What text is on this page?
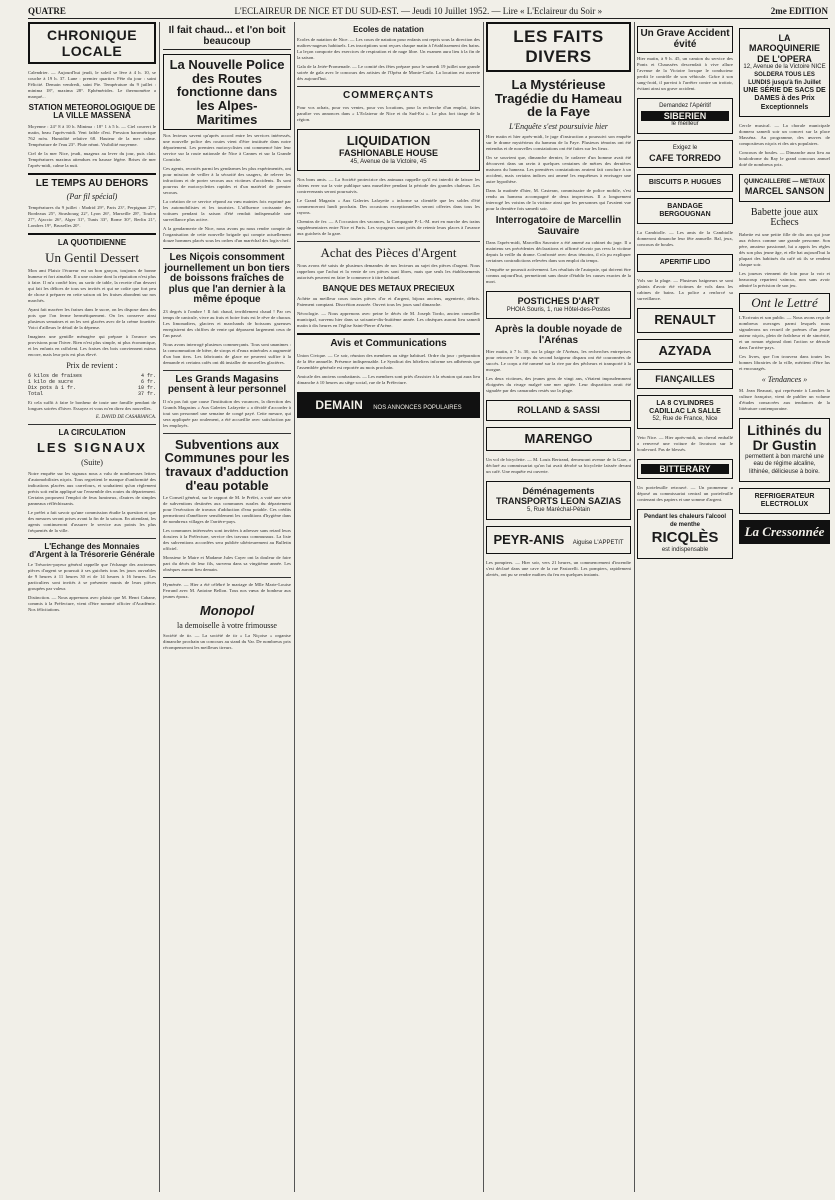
QUATRE	L'ECLAIREUR DE NICE ET DU SUD-EST. — Jeudi 10 Juillet 1952. — Lire « L'Eclaireur du Soir »	2me EDITION
CHRONIQUE LOCALE

Calendrier. — Aujourd'hui jeudi, le soleil se lève à 4 h. 10, se couche à 19 h. 37. Lune : premier quartier. Fête du jour : saint Félicité. Demain vendredi, saint Pie. Température du 9 juillet : minima 18°, maxima 28°. Ephémérides. Le thermomètre a marqué...

STATION METEOROLOGIQUE DE LA VILLE MASSENA

Moyenne : 24° 8 à 10 h. Minima : 18° 1 à 5 h. — Ciel couvert le matin, beau l'après-midi. Vent faible d'est. Pression barométrique 762 m/m. Humidité relative 68. Hauteur de la mer calme. Température de l'eau 23°. Pluie néant. Visibilité moyenne.

Ciel de la mer Nice, jeudi, nuageux au lever du jour, puis clair. Températures maxima attendues en hausse légère. Brises de mer l'après-midi, calme la nuit.

LE TEMPS AU DEHORS
(Par fil spécial)

Températures du 9 juillet : Madrid 29°, Paris 23°, Perpignan 27°, Bordeaux 25°, Strasbourg 22°, Lyon 26°, Marseille 28°, Toulon 27°, Ajaccio 26°, Alger 31°, Tunis 33°, Rome 30°, Berlin 21°, Londres 19°, Bruxelles 20°.

LA QUOTIDIENNE
Un Gentil Dessert

Mon ami Plaisir l'écureur est un bon garçon, toujours de bonne humeur et fort aimable. Il a une cuisine dont la réputation n'est plus à faire. Il m'a confié hier, au sortir de table, la recette d'un dessert qui fait les délices de tous ses invités et qui ne coûte que fort peu de chose à préparer en cette saison où les fraises abondent sur nos marchés.

Ayant fait macérer les fraises dans le sucre, on les dispose dans des pots que l'on ferme hermétiquement. On les conserve ainsi plusieurs semaines et on les sert glacées avec de la crème fouettée. Voici d'ailleurs le détail de la dépense.

Imaginez une gentille ménagère qui prépare à l'avance ses provisions pour l'hiver. Rien n'est plus simple, ni plus économique, et les enfants en raffolent. Les fraises des bois conviennent mieux encore, mais leur prix est plus élevé.

Prix de revient :
6 kilos de fraises	4 fr.
1 kilo de sucre	6 fr.
Dix pots à 1 fr.	10 fr.
Total	37 fr.

Et cela suffit à faire le bonheur de toute une famille pendant de longues soirées d'hiver. Essayez et vous m'en direz des nouvelles.

E. DAVID DE CASABIANCA.
LA CIRCULATION
LES SIGNAUX
(Suite)

Notre enquête sur les signaux nous a valu de nombreuses lettres d'automobilistes niçois. Tous regrettent le manque d'uniformité des indications placées aux carrefours, et souhaitent qu'un règlement précis soit enfin appliqué sur l'ensemble des routes du département. Certains proposent l'emploi de feux lumineux, d'autres de simples panneaux réfléchissants.

Le préfet a fait savoir qu'une commission étudie la question et que des mesures seront prises avant la fin de la saison. En attendant, les agents continueront d'assurer le service aux points les plus fréquentés de la ville.

L'Echange des Monnaies d'Argent à la Trésorerie Générale

Le Trésorier-payeur général rappelle que l'échange des anciennes pièces d'argent se poursuit à ses guichets tous les jours ouvrables de 9 heures à 11 heures 30 et de 14 heures à 16 heures. Les particuliers sont invités à se présenter munis de leurs pièces groupées par valeur.

Distinction. — Nous apprenons avec plaisir que M. Henri Cabane, commis à la Préfecture, vient d'être nommé officier d'Académie. Nos félicitations.

Il fait chaud... et l'on boit beaucoup
La Nouvelle Police des Routes fonctionne dans les Alpes-Maritimes

Nos lecteurs savent qu'après accord entre les services intéressés, une nouvelle police des routes vient d'être instituée dans notre département. Les premiers motocyclistes ont commencé hier leur service sur la route nationale de Nice à Cannes et sur la Grande Corniche.

Ces agents, recrutés parmi les gendarmes les plus expérimentés, ont pour mission de veiller à la sécurité des usagers, de relever les infractions et de porter secours aux victimes d'accidents. Ils sont pourvus de motocyclettes rapides et d'un matériel de premier secours.

La création de ce service répond au vœu maintes fois exprimé par les automobilistes et les touristes. L'affluence croissante des voitures pendant la saison d'été rendait indispensable une surveillance plus active.

A la gendarmerie de Nice, nous avons pu nous rendre compte de l'organisation de cette nouvelle brigade qui compte actuellement douze hommes placés sous les ordres d'un maréchal des logis-chef.

Les Niçois consomment journellement un bon tiers de boissons fraîches de plus que l'an dernier à la même époque

23 degrés à l'ombre ! Il fait chaud, terriblement chaud ! Par ces temps de canicule, vivre au frais et boire frais est le rêve de chacun. Les limonadiers, glaciers et marchands de boissons gazeuses enregistrent des chiffres de vente qui dépassent largement ceux de l'an passé.

Nous avons interrogé plusieurs commerçants. Tous sont unanimes : la consommation de bière, de sirops et d'eaux minérales a augmenté d'un bon tiers. Les fabricants de glace ne peuvent suffire à la demande et certains cafés ont dû installer de nouvelles glacières.

Les Grands Magasins pensent à leur personnel

Il n'a pas fait que cause l'institution des vacances, la direction des Grands Magasins « Aux Galeries Lafayette » a décidé d'accorder à tout son personnel une semaine de congé payé. Cette mesure, qui sera appliquée par roulement, a été accueillie avec satisfaction par les employés.

Subventions aux Communes pour les travaux d'adduction d'eau potable

Le Conseil général, sur le rapport de M. le Préfet, a voté une série de subventions destinées aux communes rurales du département pour l'exécution de travaux d'adduction d'eau potable. Ces crédits permettront d'améliorer sensiblement les conditions d'hygiène dans de nombreux villages de l'arrière-pays.

Les communes intéressées sont invitées à adresser sans retard leurs dossiers à la Préfecture, service des travaux communaux. La liste des subventions accordées sera publiée ultérieurement au Bulletin officiel.

Monsieur le Maire et Madame Jules Cayer ont la douleur de faire part du décès de leur fils, survenu dans sa vingtième année. Les obsèques auront lieu demain.

Hyménée. — Hier a été célébré le mariage de Mlle Marie-Louise Ferrand avec M. Antoine Bellon. Tous nos vœux de bonheur aux jeunes époux.

Monopol
la demoiselle à votre frimousse

Société de tir. — La société de tir « La Niçoise » organise dimanche prochain un concours au stand du Var. De nombreux prix récompenseront les meilleurs tireurs.

Ecoles de natation

Ecoles de natation de Nice. — Les cours de natation pour enfants ont repris sous la direction des maîtres-nageurs habituels. Les inscriptions sont reçues chaque matin à l'établissement des bains. La leçon comporte des exercices de respiration et de nage libre. Un examen aura lieu à la fin de la saison.

Gala de la Jetée-Promenade. — Le comité des fêtes prépare pour le samedi 19 juillet une grande soirée de gala avec le concours des artistes de l'Opéra de Monte-Carlo. La location est ouverte dès aujourd'hui.

COMMERÇANTS

Pour vos achats, pour vos ventes, pour vos locations, pour la recherche d'un emploi, faites paraître vos annonces dans « L'Eclaireur de Nice et du Sud-Est ». Le plus fort tirage de la région.

LIQUIDATION
FASHIONABLE HOUSE
45, Avenue de la Victoire, 45

Nos bons amis. — La Société protectrice des animaux rappelle qu'il est interdit de laisser les chiens errer sur la voie publique sans muselière pendant la période des grandes chaleurs. Les contrevenants seront poursuivis.

Le Grand Magasin « Aux Galeries Lafayette » informe sa clientèle que les soldes d'été commenceront lundi prochain. Des occasions exceptionnelles seront offertes dans tous les rayons.

Chemins de fer. — A l'occasion des vacances, la Compagnie P.-L.-M. met en marche des trains supplémentaires entre Nice et Paris. Les voyageurs sont priés de retenir leurs places à l'avance aux guichets de la gare.

Achat des Pièces d'Argent

Nous avons été saisis de plusieurs demandes de nos lecteurs au sujet des pièces d'argent. Nous rappelons que l'achat et la vente de ces pièces sont libres, mais que seuls les établissements autorisés peuvent en faire le commerce à titre habituel.

BANQUE DES METAUX PRECIEUX

Achète au meilleur cours toutes pièces d'or et d'argent, bijoux anciens, argenterie, débris. Paiement comptant. Discrétion assurée. Ouvert tous les jours sauf dimanche.

Nécrologie. — Nous apprenons avec peine le décès de M. Joseph Tordo, ancien conseiller municipal, survenu hier dans sa soixante-dix-huitième année. Les obsèques auront lieu samedi matin à dix heures en l'église Saint-Pierre d'Arène.

Avis et Communications

Union Civique. — Ce soir, réunion des membres au siège habituel. Ordre du jour : préparation de la fête annuelle. Présence indispensable. Le Syndicat des hôteliers informe ses adhérents que l'assemblée générale est reportée au mois prochain.

Amicale des anciens combattants. — Les membres sont priés d'assister à la réunion qui aura lieu dimanche à 10 heures au siège social, rue de la Préfecture.

DEMAIN NOS ANNONCES POPULAIRES
LES FAITS DIVERS
La Mystérieuse Tragédie du Hameau de la Faye
L'Enquête s'est poursuivie hier

Hier matin et hier après-midi, le juge d'instruction a poursuivi son enquête sur le drame mystérieux du hameau de la Faye. Plusieurs témoins ont été entendus et de nouvelles constatations ont été faites sur les lieux.

On se souvient que, dimanche dernier, le cadavre d'un homme avait été découvert dans un ravin à quelques centaines de mètres des dernières maisons du hameau. Les premières constatations avaient fait conclure à un accident, mais certains indices ont amené les enquêteurs à envisager une autre hypothèse.

Dans la matinée d'hier, M. Casteran, commissaire de police mobile, s'est rendu au hameau accompagné de deux inspecteurs. Il a longuement interrogé les voisins de la victime ainsi que les personnes qui l'avaient vue pour la dernière fois samedi soir.

Interrogatoire de Marcellin Sauvaire

Dans l'après-midi, Marcellin Sauvaire a été amené au cabinet du juge. Il a maintenu ses précédentes déclarations et affirmé n'avoir pas revu la victime depuis la veille du drame. Confronté avec deux témoins, il n'a pu expliquer certaines contradictions relevées dans son emploi du temps.

L'enquête se poursuit activement. Les résultats de l'autopsie, qui doivent être connus aujourd'hui, permettront sans doute d'établir les causes exactes de la mort.

POSTICHES D'ART
PHOIA Souris, 1, rue Hôtel-des-Postes
Après la double noyade de l'Arénas

Hier matin, à 7 h. 30, sur la plage de l'Arénas, les recherches entreprises pour retrouver le corps du second baigneur disparu ont été couronnées de succès. Le corps a été ramené sur la rive par des pêcheurs et transporté à la morgue.

Les deux victimes, des jeunes gens de vingt ans, s'étaient imprudemment éloignées du rivage malgré une mer agitée. Leur disparition avait été signalée par des camarades restés sur la plage.

ROLLAND & SASSI
MARENGO

Un vol de bicyclette. — M. Louis Bertrand, demeurant avenue de la Gare, a déclaré au commissariat qu'on lui avait dérobé sa bicyclette laissée devant un café. Une enquête est ouverte.

Déménagements
TRANSPORTS LEON SAZIAS
5, Rue Maréchal-Pétain
PEYR-ANIS Aiguise L'APPETIT

Les pompiers. — Hier soir, vers 21 heures, un commencement d'incendie s'est déclaré dans une cave de la rue Pastorelli. Les pompiers, rapidement alertés, ont pu se rendre maîtres du feu en quelques instants.

Un Grave Accident évité

Hier matin, à 9 h. 45, un camion du service des Ponts et Chaussées descendait à vive allure l'avenue de la Victoire lorsque le conducteur perdit le contrôle de son véhicule. Grâce à son sang-froid, il parvint à l'arrêter contre un trottoir, évitant ainsi un grave accident.

Demandez l'Apéritif
SIBERIEN
le meilleur
Exigez le
CAFE TORREDO
BISCUITS P. HUGUES
BANDAGE BERGOUGNAN

La Cambiolle. — Les amis de la Cambiolle donneront dimanche leur fête annuelle. Bal, jeux, concours de boules.

APERITIF LIDO

Vols sur la plage. — Plusieurs baigneurs se sont plaints d'avoir été victimes de vols dans les cabines de bains. La police a renforcé sa surveillance.

RENAULT
AZYADA
FIANÇAILLES
LA 8 CYLINDRES CADILLAC LA SALLE
52, Rue de France, Nice

Veto Nice. — Hier après-midi, un cheval emballé a renversé une voiture de livraison sur le boulevard. Pas de blessés.

BITTERARY

Un portefeuille retrouvé. — Un promeneur a déposé au commissariat central un portefeuille contenant des papiers et une somme d'argent.

Pendant les chaleurs l'alcool de menthe
RICQLÈS
est indispensable
LA MAROQUINERIE DE L'OPERA
12, Avenue de la Victoire NICE
SOLDERA TOUS LES LUNDIS jusqu'à fin Juillet
UNE SÉRIE DE SACS DE DAMES à des Prix Exceptionnels

Cercle musical. — La chorale municipale donnera samedi soir un concert sur la place Masséna. Au programme, des œuvres de compositeurs niçois et des airs populaires.

Concours de boules. — Dimanche aura lieu au boulodrome du Ray le grand concours annuel doté de nombreux prix.

QUINCAILLERIE — METAUX
MARCEL SANSON
Babette joue aux Echecs

Babette est une petite fille de dix ans qui joue aux échecs comme une grande personne. Son père, amateur passionné, lui a appris les règles dès son plus jeune âge, et elle bat aujourd'hui la plupart des habitués du café où ils se rendent chaque soir.

Les joueurs viennent de loin pour la voir et beaucoup repartent vaincus, non sans avoir admiré la précision de son jeu.

Ont le Lettré

L'Ecrivain et son public. — Nous avons reçu de nombreux ouvrages parmi lesquels nous signalerons un recueil de poèmes d'un jeune auteur niçois, plein de fraîcheur et de sincérité, et un roman régional dont l'action se déroule dans l'arrière-pays.

Ces livres, que l'on trouvera dans toutes les bonnes librairies de la ville, méritent d'être lus et encouragés.

« Tendances »

M. Jean Beaurat, qui représente à Londres la culture française, vient de publier un volume d'études consacrées aux tendances de la littérature contemporaine.

Lithinés du Dr Gustin
permettent à bon marché une eau de régime alcaline, lithinée, délicieuse à boire.
REFRIGERATEUR ELECTROLUX
La Cressonnée
